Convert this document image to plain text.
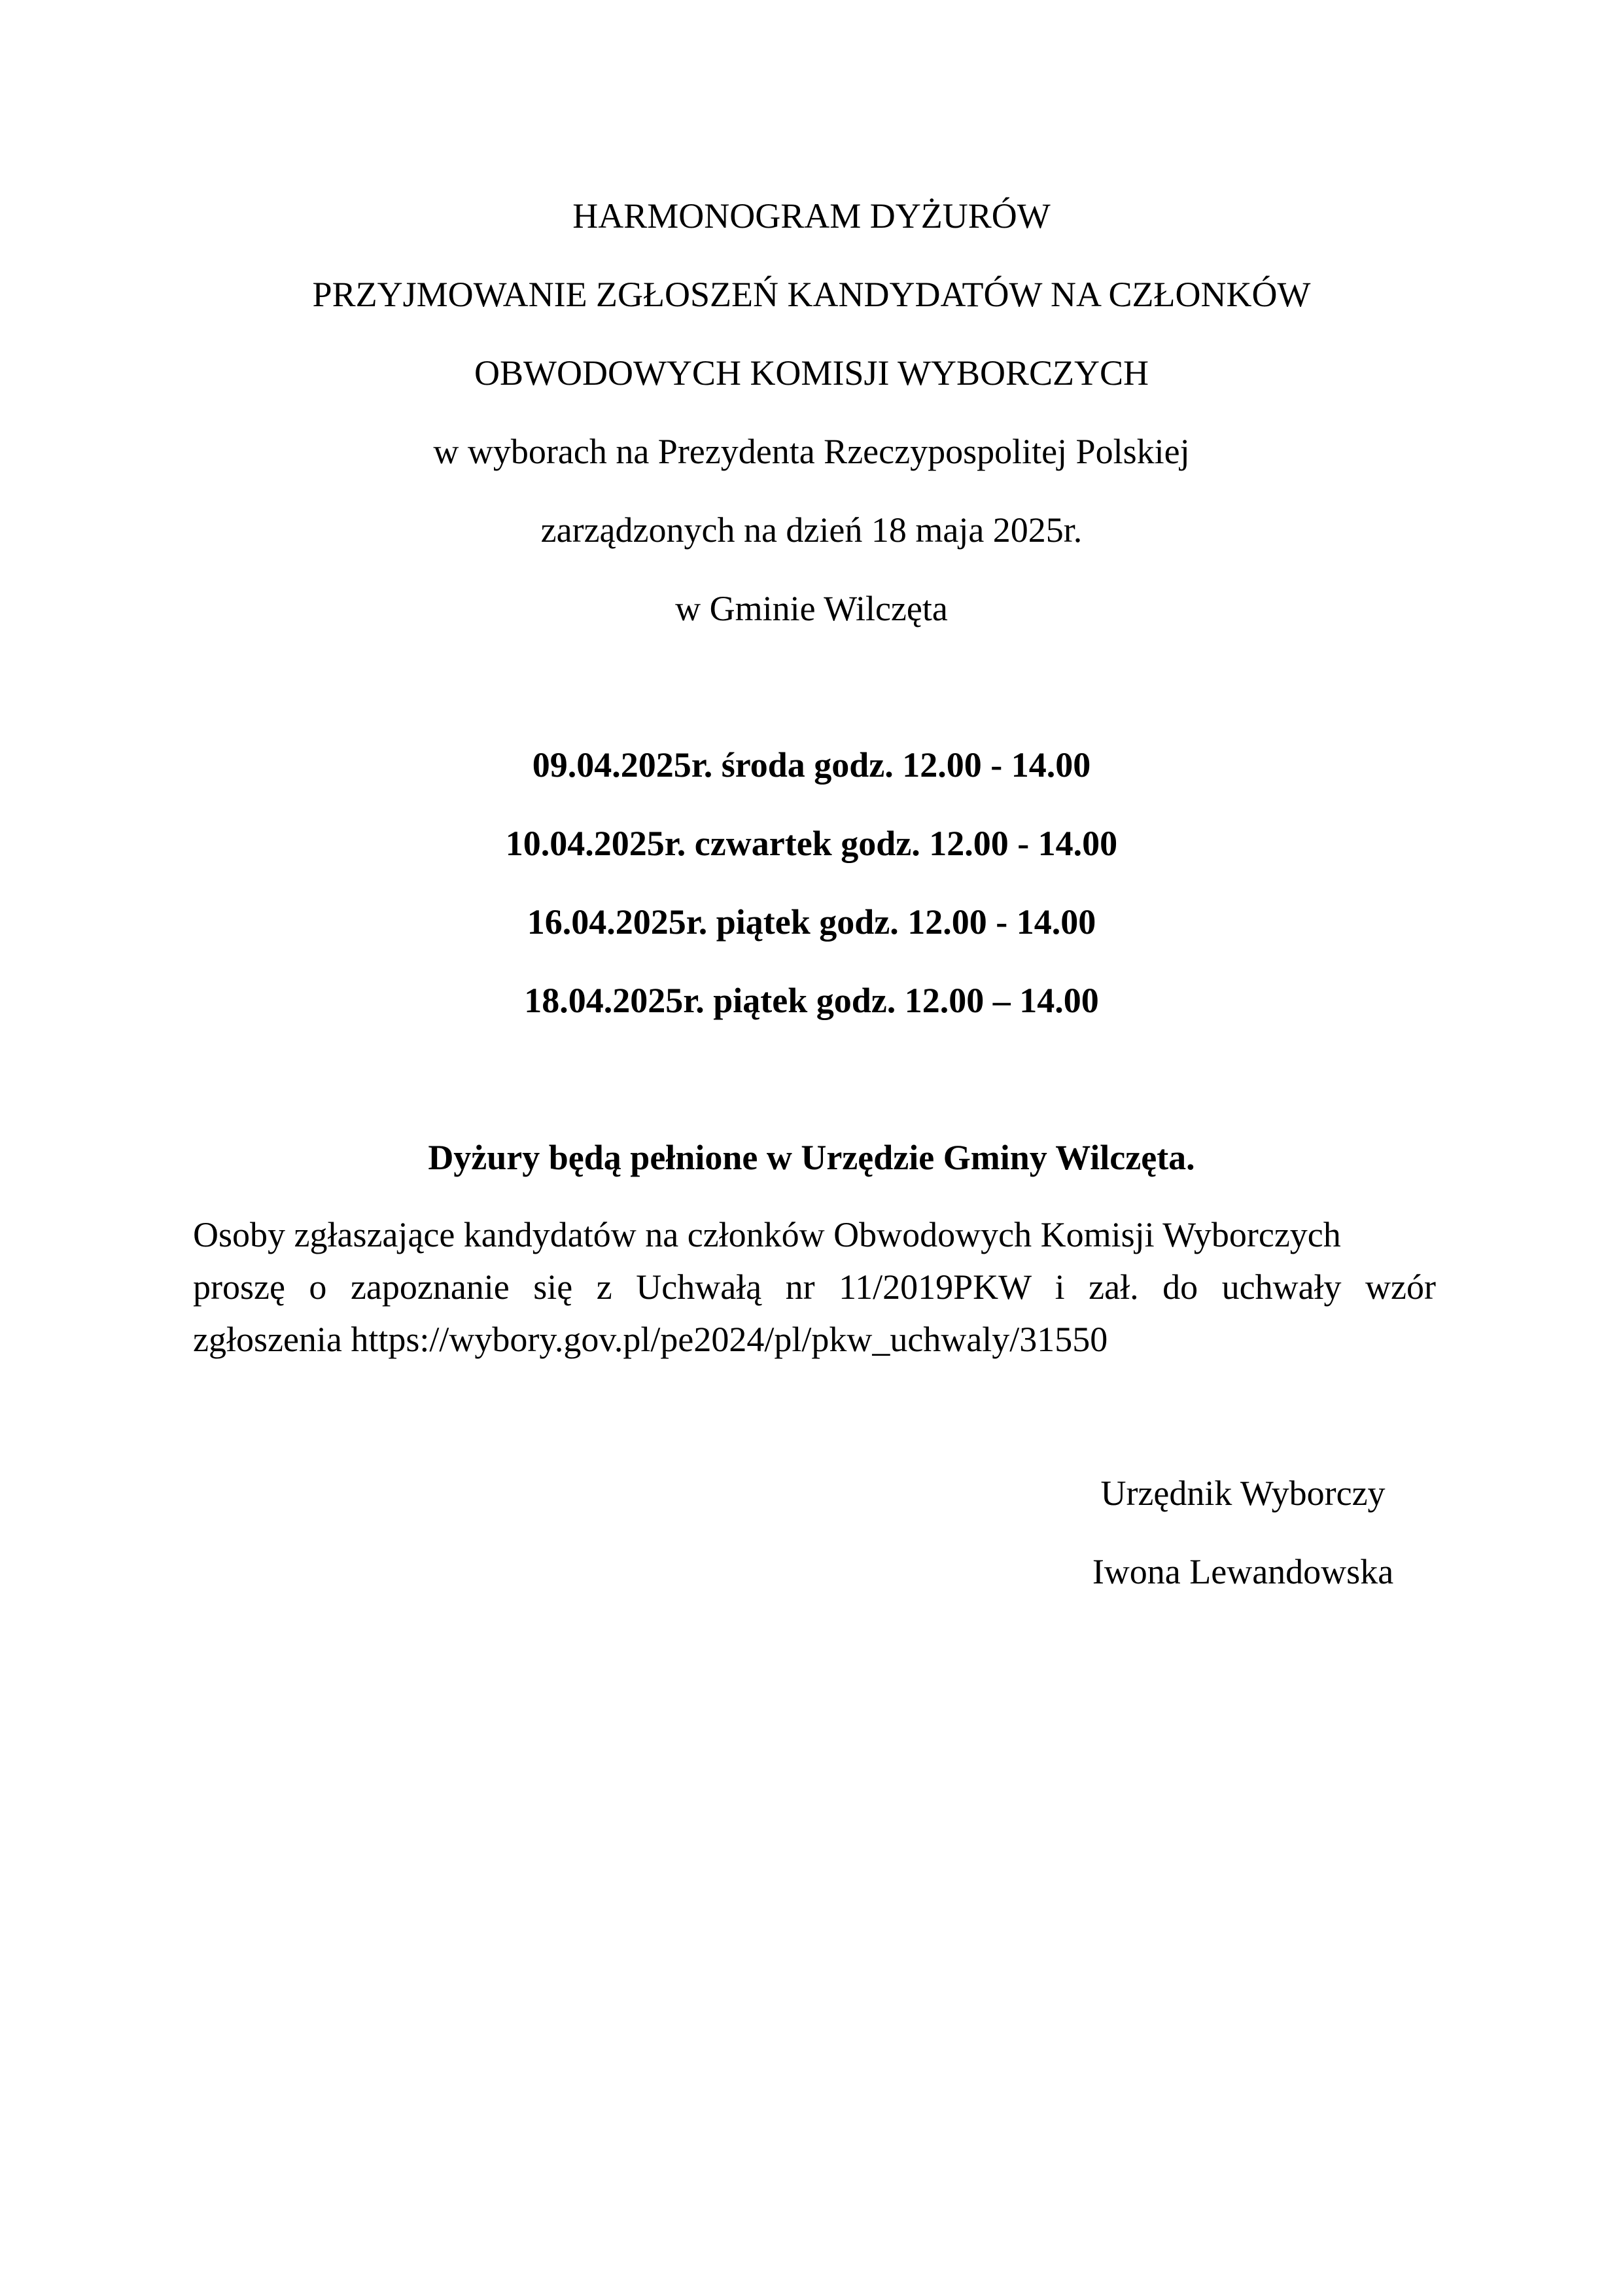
HARMONOGRAM DYŻURÓW
PRZYJMOWANIE ZGŁOSZEŃ KANDYDATÓW NA CZŁONKÓW
OBWODOWYCH KOMISJI WYBORCZYCH
w wyborach na Prezydenta Rzeczypospolitej Polskiej
zarządzonych na dzień 18 maja 2025r.
w Gminie Wilczęta
09.04.2025r. środa godz. 12.00 - 14.00
10.04.2025r. czwartek godz. 12.00 - 14.00
16.04.2025r. piątek godz. 12.00 - 14.00
18.04.2025r. piątek godz. 12.00 – 14.00
Dyżury będą pełnione w Urzędzie Gminy Wilczęta.
Osoby zgłaszające kandydatów na członków Obwodowych Komisji Wyborczych
proszę o zapoznanie się z Uchwałą nr 11/2019PKW i zał. do uchwały wzór
zgłoszenia https://wybory.gov.pl/pe2024/pl/pkw_uchwaly/31550
Urzędnik Wyborczy
Iwona Lewandowska
